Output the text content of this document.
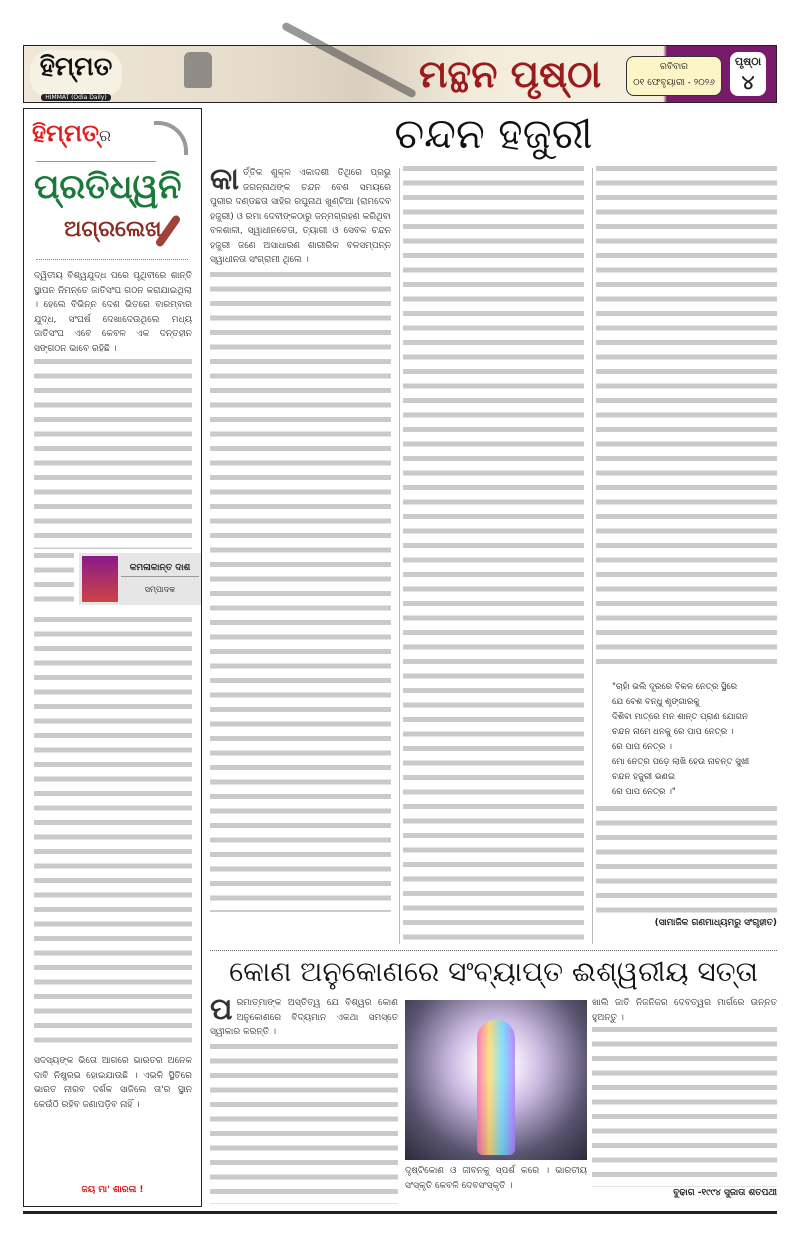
ହିମ୍ମତ
HIMMAT (Odia Daily)
ମନ୍ଥନ ପୃଷ୍ଠା	ରବିବାର
୦୧ ଫେବୃୟାରୀ - ୨୦୨୬
ପୃଷ୍ଠା
୪
ହିମ୍ମତ୍ର
ପ୍ରତିଧ୍ୱନି
ଅଗ୍ରଲେଖ
ଦ୍ୱିତୀୟ ବିଶ୍ୱଯୁଦ୍ଧ ପରେ ପୃଥିବୀରେ ଶାନ୍ତି ସ୍ଥାପନ ନିମନ୍ତେ ଜାତିସଂଘ ଗଠନ କରାଯାଇଥିଲା । ହେଲେ ବିଭିନ୍ନ ଦେଶ ଭିତରେ ବାରମ୍ବାର ଯୁଦ୍ଧ, ସଂଘର୍ଷ ଦେଖାଦେଉଥିଲେ ମଧ୍ୟ ଜାତିସଂଘ ଏବେ କେବଳ ଏକ ଦନ୍ତହୀନ ସଙ୍ଗଠନ ଭାବେ ରହିଛି ।
କମଳାକାନ୍ତ ଦାଶ
ସମ୍ପାଦକ
ସଦସ୍ୟଙ୍କ ଭିତୋ ଆଗରେ ଭାରତର ଅନେକ ଦାବି ନିଷ୍ପ୍ରଭ ହୋଇଯାଉଛି । ଏଭଳି ସ୍ଥିତିରେ ଭାରତ ନୀରବ ଦର୍ଶକ ସାଜିଲେ ତା'ର ସ୍ଥାନ କେଉଁଠି ରହିବ ଜଣାପଡ଼ିବ ନାହିଁ ।
ଜୟ ମା' ଶାରଳା !
ଚନ୍ଦନ ହଜୁରୀ
କାର୍ତ୍ତିକ ଶୁକ୍ଳ ଏକାଦଶୀ ତିଥିରେ ପ୍ରଭୁ ଜଗନ୍ନାଥଙ୍କ ଚନ୍ଦନ ବେଶ ସମୟରେ ପୁରୀର ଦଣ୍ଡଛତା ସାହିର ରଘୁନାଥ ଖୁଣ୍ଟିଆ (ରାମଦେବ ହଜୁରୀ) ଓ ରମା ଦେବୀଙ୍କଠାରୁ ଜନ୍ମଗ୍ରହଣ କରିଥିବା ବଳଶାଳୀ, ସ୍ୱାଧୀନଚେତା, ତ୍ୟାଗୀ ଓ ସେବକ ଚନ୍ଦନ ହଜୁରୀ ଜଣେ ଅସାଧାରଣ ଶାରୀରିକ ବଳସମ୍ପନ୍ନ ସ୍ୱାଧୀନତା ସଂଗ୍ରାମୀ ଥିଲେ ।
"ଚାହାଁ ଭଲି ଦୂରରେ ବିକଳ ନେତ୍ର ସ୍ଥିରେ
ଯେ ବେଶ ବନ୍ଧୁ ଶୃଙ୍ଗାରକୁ
ଦିଶିବା ମାତ୍ରେ ମନ ଶାନ୍ତ ପ୍ରାଣ ଯୋଗନ
ଚନ୍ଦନ ନାମେ ଧନକୁ ରେ ପାପ ନେତ୍ର ।
ରେ ପାପ ନେତ୍ର ।
ମୋ ନେତ୍ର ପଡ଼େ ଲାଖି ହେଉ ନାଚନ୍ତ ସୁଖୀ
ଚନ୍ଦନ ହଜୁରୀ ଭଣଇ
ରେ ପାପ ନେତ୍ର ।"
(ସାମାଜିକ ଗଣମାଧ୍ୟମରୁ ସଂଗୃହୀତ)
କୋଣ ଅନୁକୋଣରେ ସଂବ୍ୟାପ୍ତ ଈଶ୍ୱରୀୟ ସତ୍ତା
ପରମାତ୍ମାଙ୍କ ଅସ୍ତିତ୍ୱ ଯେ ବିଶ୍ୱର କୋଣ ଅନୁକୋଣରେ ବିଦ୍ୟମାନ ଏକଥା ସମସ୍ତେ ସ୍ୱୀକାର କରନ୍ତି ।
ଦୃଷ୍ଟିକୋଣ ଓ ଜୀବନକୁ ସ୍ପର୍ଶ କରେ । ଭାରତୀୟ ସଂସ୍କୃତି କେବଳି ଦେବସଂସ୍କୃତି ।
ଖାଲି ଜାତି ନିଜନିଜର ଦେବତ୍ୱର ମାର୍ଗରେ ଉନ୍ନତ ହୁଅନ୍ତୁ ।
ବୁଢାଗ -୧୯୯୪ ସୁଜାତା ଶତପଥୀ
